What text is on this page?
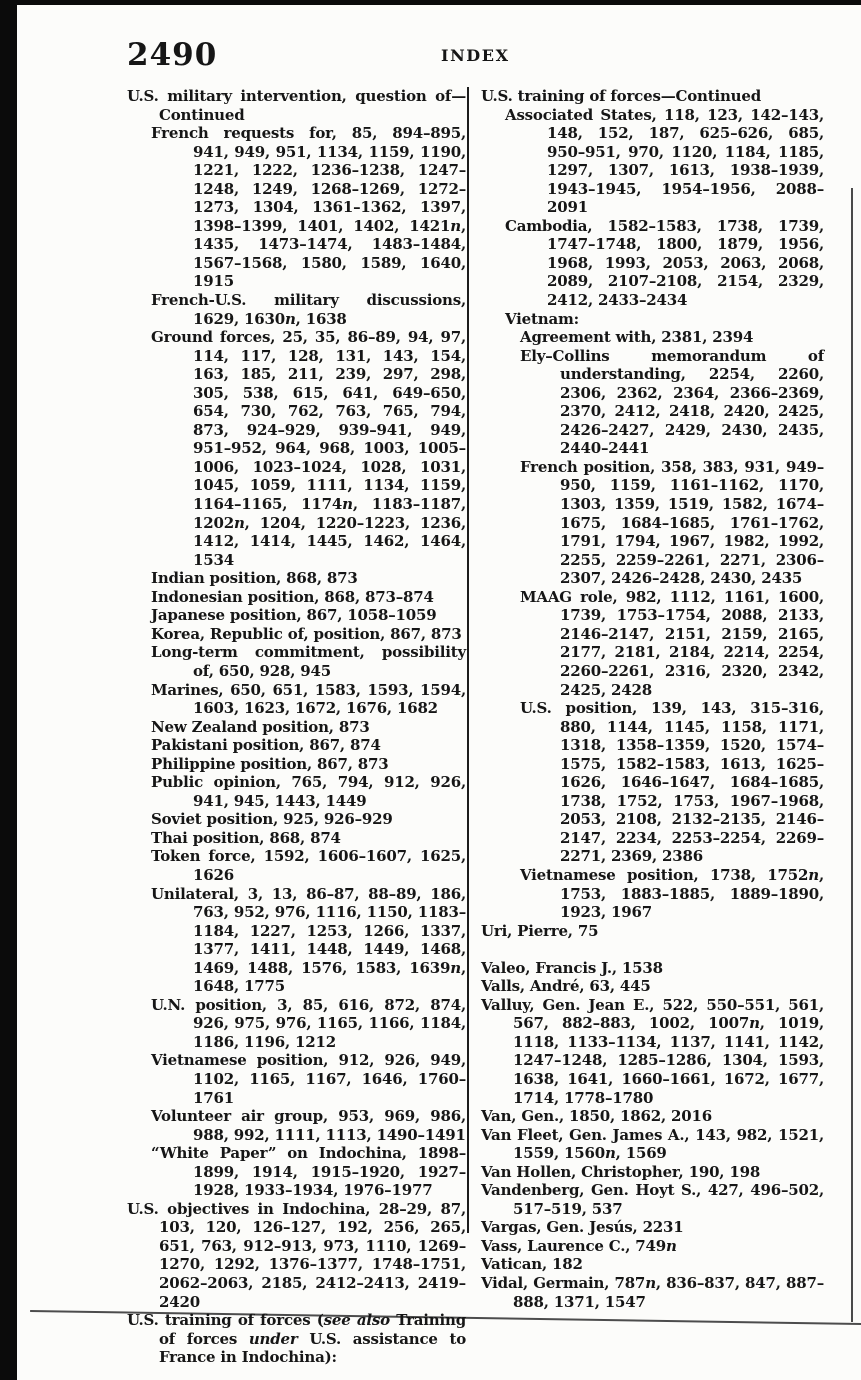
2490	INDEX

U.S. military intervention, question of—Continued

French requests for, 85, 894–895, 941, 949, 951, 1134, 1159, 1190, 1221, 1222, 1236–1238, 1247–1248, 1249, 1268–1269, 1272–1273, 1304, 1361–1362, 1397, 1398–1399, 1401, 1402, 1421n, 1435, 1473–1474, 1483–1484, 1567–1568, 1580, 1589, 1640, 1915

French-U.S. military discussions, 1629, 1630n, 1638

Ground forces, 25, 35, 86–89, 94, 97, 114, 117, 128, 131, 143, 154, 163, 185, 211, 239, 297, 298, 305, 538, 615, 641, 649–650, 654, 730, 762, 763, 765, 794, 873, 924–929, 939–941, 949, 951–952, 964, 968, 1003, 1005–1006, 1023–1024, 1028, 1031, 1045, 1059, 1111, 1134, 1159, 1164–1165, 1174n, 1183–1187, 1202n, 1204, 1220–1223, 1236, 1412, 1414, 1445, 1462, 1464, 1534

Indian position, 868, 873

Indonesian position, 868, 873–874

Japanese position, 867, 1058–1059

Korea, Republic of, position, 867, 873

Long-term commitment, possibility of, 650, 928, 945

Marines, 650, 651, 1583, 1593, 1594, 1603, 1623, 1672, 1676, 1682

New Zealand position, 873

Pakistani position, 867, 874

Philippine position, 867, 873

Public opinion, 765, 794, 912, 926, 941, 945, 1443, 1449

Soviet position, 925, 926–929

Thai position, 868, 874

Token force, 1592, 1606–1607, 1625, 1626

Unilateral, 3, 13, 86–87, 88–89, 186, 763, 952, 976, 1116, 1150, 1183–1184, 1227, 1253, 1266, 1337, 1377, 1411, 1448, 1449, 1468, 1469, 1488, 1576, 1583, 1639n, 1648, 1775

U.N. position, 3, 85, 616, 872, 874, 926, 975, 976, 1165, 1166, 1184, 1186, 1196, 1212

Vietnamese position, 912, 926, 949, 1102, 1165, 1167, 1646, 1760–1761

Volunteer air group, 953, 969, 986, 988, 992, 1111, 1113, 1490–1491

“White Paper” on Indochina, 1898–1899, 1914, 1915–1920, 1927–1928, 1933–1934, 1976–1977

U.S. objectives in Indochina, 28–29, 87, 103, 120, 126–127, 192, 256, 265, 651, 763, 912–913, 973, 1110, 1269–1270, 1292, 1376–1377, 1748–1751, 2062–2063, 2185, 2412–2413, 2419–2420

U.S. training of forces (see also Training of forces under U.S. assistance to France in Indochina):

U.S. training of forces—Continued

Associated States, 118, 123, 142–143, 148, 152, 187, 625–626, 685, 950–951, 970, 1120, 1184, 1185, 1297, 1307, 1613, 1938–1939, 1943–1945, 1954–1956, 2088–2091

Cambodia, 1582–1583, 1738, 1739, 1747–1748, 1800, 1879, 1956, 1968, 1993, 2053, 2063, 2068, 2089, 2107–2108, 2154, 2329, 2412, 2433–2434

Vietnam:

Agreement with, 2381, 2394

Ely–Collins memorandum of understanding, 2254, 2260, 2306, 2362, 2364, 2366–2369, 2370, 2412, 2418, 2420, 2425, 2426–2427, 2429, 2430, 2435, 2440–2441

French position, 358, 383, 931, 949–950, 1159, 1161–1162, 1170, 1303, 1359, 1519, 1582, 1674–1675, 1684–1685, 1761–1762, 1791, 1794, 1967, 1982, 1992, 2255, 2259–2261, 2271, 2306–2307, 2426–2428, 2430, 2435

MAAG role, 982, 1112, 1161, 1600, 1739, 1753–1754, 2088, 2133, 2146–2147, 2151, 2159, 2165, 2177, 2181, 2184, 2214, 2254, 2260–2261, 2316, 2320, 2342, 2425, 2428

U.S. position, 139, 143, 315–316, 880, 1144, 1145, 1158, 1171, 1318, 1358–1359, 1520, 1574–1575, 1582–1583, 1613, 1625–1626, 1646–1647, 1684–1685, 1738, 1752, 1753, 1967–1968, 2053, 2108, 2132–2135, 2146–2147, 2234, 2253–2254, 2269–2271, 2369, 2386

Vietnamese position, 1738, 1752n, 1753, 1883–1885, 1889–1890, 1923, 1967

Uri, Pierre, 75

Valeo, Francis J., 1538

Valls, André, 63, 445

Valluy, Gen. Jean E., 522, 550–551, 561, 567, 882–883, 1002, 1007n, 1019, 1118, 1133–1134, 1137, 1141, 1142, 1247–1248, 1285–1286, 1304, 1593, 1638, 1641, 1660–1661, 1672, 1677, 1714, 1778–1780

Van, Gen., 1850, 1862, 2016

Van Fleet, Gen. James A., 143, 982, 1521, 1559, 1560n, 1569

Van Hollen, Christopher, 190, 198

Vandenberg, Gen. Hoyt S., 427, 496–502, 517–519, 537

Vargas, Gen. Jesús, 2231

Vass, Laurence C., 749n

Vatican, 182

Vidal, Germain, 787n, 836–837, 847, 887–888, 1371, 1547
